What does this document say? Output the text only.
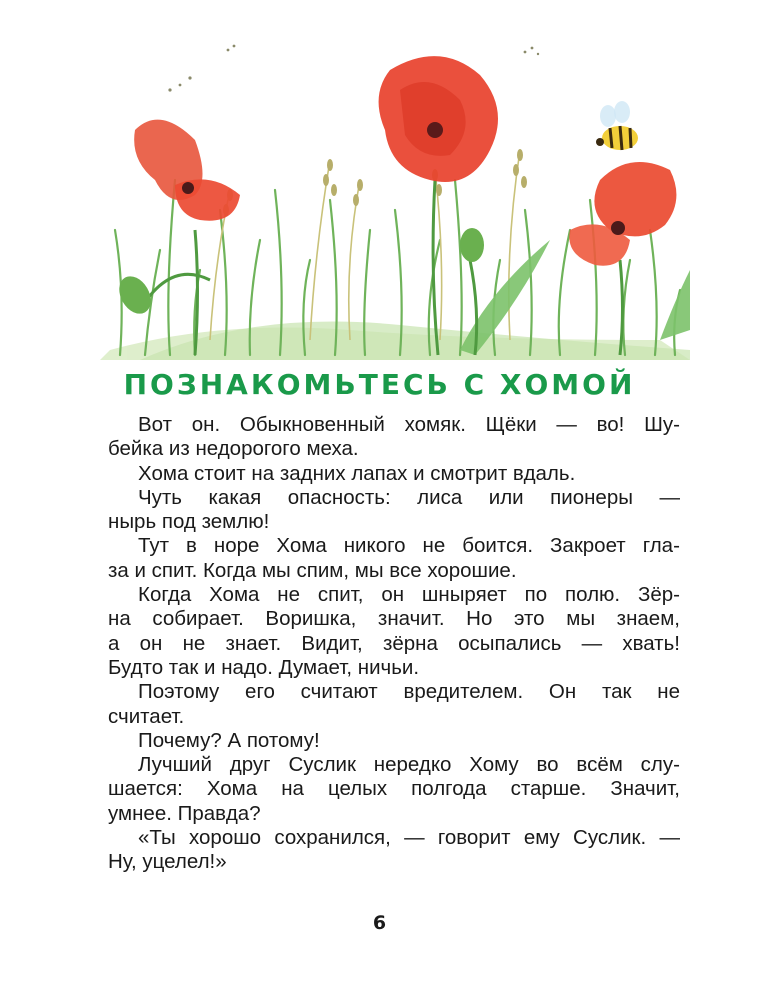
ПОЗНАКОМЬТЕСЬ С ХОМОЙ
Вот он. Обыкновенный хомяк. Щёки — во! Шу-
бейка из недорогого меха.
Хома стоит на задних лапах и смотрит вдаль.
Чуть какая опасность: лиса или пионеры —
нырь под землю!
Тут в норе Хома никого не боится. Закроет гла-
за и спит. Когда мы спим, мы все хорошие.
Когда Хома не спит, он шныряет по полю. Зёр-
на собирает. Воришка, значит. Но это мы знаем,
а он не знает. Видит, зёрна осыпались — хвать!
Будто так и надо. Думает, ничьи.
Поэтому его считают вредителем. Он так не
считает.
Почему? А потому!
Лучший друг Суслик нередко Хому во всём слу-
шается: Хома на целых полгода старше. Значит,
умнее. Правда?
«Ты хорошо сохранился, — говорит ему Суслик. —
Ну, уцелел!»
6
